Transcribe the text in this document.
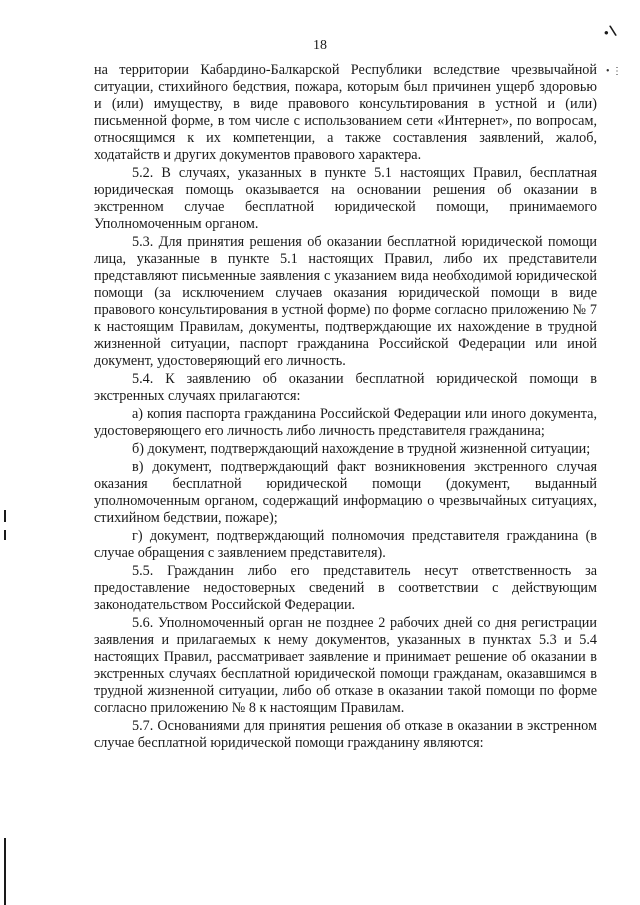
18
•∖
• ⋮

на территории Кабардино-Балкарской Республики вследствие чрезвычайной ситуации, стихийного бедствия, пожара, которым был причинен ущерб здоровью и (или) имуществу, в виде правового консультирования в устной и (или) письменной форме, в том числе с использованием сети «Интернет», по вопросам, относящимся к их компетенции, а также составления заявлений, жалоб, ходатайств и других документов правового характера.

5.2. В случаях, указанных в пункте 5.1 настоящих Правил, бесплатная юридическая помощь оказывается на основании решения об оказании в экстренном случае бесплатной юридической помощи, принимаемого Уполномоченным органом.

5.3. Для принятия решения об оказании бесплатной юридической помощи лица, указанные в пункте 5.1 настоящих Правил, либо их представители представляют письменные заявления с указанием вида необходимой юридической помощи (за исключением случаев оказания юридической помощи в виде правового консультирования в устной форме) по форме согласно приложению № 7 к настоящим Правилам, документы, подтверждающие их нахождение в трудной жизненной ситуации, паспорт гражданина Российской Федерации или иной документ, удостоверяющий его личность.

5.4. К заявлению об оказании бесплатной юридической помощи в экстренных случаях прилагаются:

а) копия паспорта гражданина Российской Федерации или иного документа, удостоверяющего его личность либо личность представителя гражданина;

б) документ, подтверждающий нахождение в трудной жизненной ситуации;

в) документ, подтверждающий факт возникновения экстренного случая оказания бесплатной юридической помощи (документ, выданный уполномоченным органом, содержащий информацию о чрезвычайных ситуациях, стихийном бедствии, пожаре);

г) документ, подтверждающий полномочия представителя гражданина (в случае обращения с заявлением представителя).

5.5. Гражданин либо его представитель несут ответственность за предоставление недостоверных сведений в соответствии с действующим законодательством Российской Федерации.

5.6. Уполномоченный орган не позднее 2 рабочих дней со дня регистрации заявления и прилагаемых к нему документов, указанных в пунктах 5.3 и 5.4 настоящих Правил, рассматривает заявление и принимает решение об оказании в экстренных случаях бесплатной юридической помощи гражданам, оказавшимся в трудной жизненной ситуации, либо об отказе в оказании такой помощи по форме согласно приложению № 8 к настоящим Правилам.

5.7. Основаниями для принятия решения об отказе в оказании в экстренном случае бесплатной юридической помощи гражданину являются:
